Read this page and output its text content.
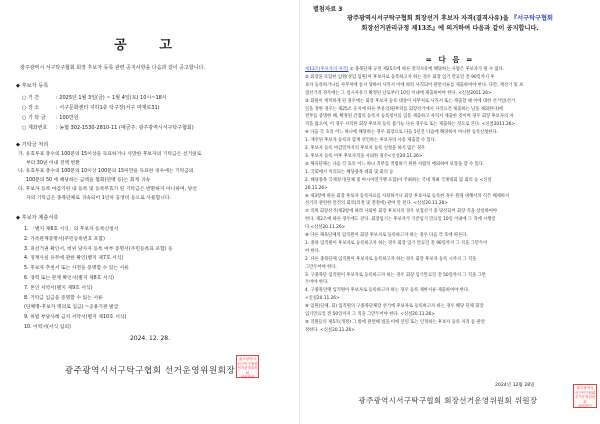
공 고
광주광역시 서구탁구협회 회장 후보자 등록 관련 공지사항을 다음과 같이 공고합니다.
◆ 후보자 등록
○ 기 간	: 2025년 1월 3일(금) ~ 1월 4일(토) 10시~18시
○ 장 소	: 서구문화센터 지하1층 탁구장(서구 마재로31)
○ 기 탁 금 : 100만원
○ 계좌번호 : 농협 302-1530-2810-11 (예금주: 광주광역시서구탁구협회)
◆ 기탁금 처리
가. 유효투표 총수의 100분의 15이상을 득표하거나 사망한 후보자의 기탁금은 선거일로
부터 30일 이내 전액 반환
나. 유효투표 총수의 100분의 10이상 100분의 15미만을 득표한 경우에는 기탁금의
100분의 50 에 해당하는 금액을 협회(연맹 등)는 회계 귀속
다. 후보자 등록 마감기한 내 등록 및 등록무효가 된 기탁금은 반환하지 아니하며, 당선
자의 기탁금은 종목단체로 귀속되어 1년차 공영비 등으로 사용합니다.
◆ 후보자 제출서류
1. 「별지 제6호 서식」의 후보자 등록신청서
2. 가족관계증명서(주민등록번호 포함)
3. 피선거권 확인서, 비위 당사자 등록 여부 증명서(주민등록표 포함) 등
4. 징계사실 유무에 관한 확인(별지 제7호 서식)
5. 후보자 추천서 또는 사전을 증명할 수 있는 서류
6. 경력 또는 관계 확인서(별지 제8호 서식)
7. 본인 서약서(별지 제9호 서식)
8. 기탁금 입금을 증명할 수 있는 서류
(단체명-후보자 명의로 입금) ~공용기관 발급
9. 위법 부당사례 금지 서약서(별지 제10호 서식)
10. 이력서(서식 임의)
2024. 12. 28.
광주광역시서구탁구협회 선거운영위원회장
광주광역시
서구탁구협회
선거운영위원회
위원장인
별첨자료 3
광주광역시서구탁구협회 회장선거 후보자 자격(결격사유)을 『서구탁구협회
회장선거관리규정 제13조』에 의거하여 다음과 같이 공지합니다.
= 다 음 =
제13조(후보자의 자격) ① 종목단체 규정 제25조에 따른 결격사유에 해당하는 사람은 후보자가 될 수 없다.
② 회장을 포함한 임원(상임 임원)이 후보자로 등록하고자 하는 경우 회장 임기 만료일 전 90일까지 후
보자 등록하거나를 사무처에 통지 당하여 사직서 이에 따라 사직되어 관련서류를 제출하여야 한다. 다만, 재선거 및 보
궐선거의 경우에는 그 실시사유가 확정된 날로부터 10일 이내에 제출하여야 한다. <신설2011.26>
③ 회원이 재적하게 된 경우에는 회장 후보자 등록 대상이 사무처로 사직서 또는 제출할 때 이에 대한 선거일(선거
일을 정한 경우는 제25조 유지에 따른 부유의)원부터를 회장선거에서 자격요건 제출하는 날을 제외한다)에
결부를 증명한 때, 확정된 간접의 등록자 등록청서를 임용 제출하고 사직서 제출한 것이며 경우 회장 후보자의 자
격을 잃으며, 이 경우 사직한 회장 후보자 등록 불가능 다른 경우로 또는 제출하는 것으로 본다. <신설2011.26>
④ 다음 각 호의 어느 하나에 해당하는 경우 회장으로 다음 5년간 다음에 해당하지 아니한 등록신청한다.
1. 재선된 후보자 등록과 함께 선언하는 후보자의 사용 제출할 수 있다.
2. 후보자 등록 마감일까지의 후보자 등록 신청을 하지 않은 경우
3. 후보자 등록 이후 후보자격을 사퇴한 경우<신설20.11.26>
⑤ 체육단체는 다음 각 호의 어느 하나 직무를 적법하기 위한 사람의 예외하여 보장을 할 수 있다.
1. 국회에서 처리되는 해당종목 대회 및 회의 등
2. 해당종목 국제경기(단체 및 아시아연가맹 포함)이 주최하는 국내 개최 국제대회 및 회의 등 <신설
20.11.26>
⑥ 제3항에 따른 회장 후보자 등록자료를 사퇴하거나 회장 후보자로 등록한 경우 원래 대해서의 직은 해제하지
선거의 관련한 안건의 회의(의결 및 결정에) 관여 안 된다. <신설20.11.26>
⑦ 직위 회장선거(제2항에 따라 사퇴한 회장 후보자의 경우 보궐선거 중 당선되어 회장 직을 상실하여야
한다. 제2조에 따른 경우에도 같다. 회장임기는 후보자가 기존임기 만료일 10일 이내에 그 직에 시행일
다.<신설20.11.26>
⑧ 다른 체육단체의 임직원이 회장 후보자로 등록하고자 하는 경우 다음 각 호에 따른다.
1. 종목 임직원이 후보자로 등록하고자 하는 경우 회장 임기 만료일 전 90일까지 그 직을 그만두어
야 한다.
2. 다른 종목단체 임직원이 후보자로 등록하고자 하는 경우 회장 후보자 등록 시까지 그 직을
그만두어야 한다.
3. 구종목단 임직원이 후보자로 등록하고자 하는 경우 회장 임기만료일 전 50일까지 그 직을 그만
두어야 한다.
4. 구종목연맹 임직원이 후보자로 등록하고자 하는 경우 등록 제한서류 제출하여야 한다.
<신설20.11.26>
⑨ 임원(단체, 회) 임직원의 구종목단체장 선거에 후보자로 등록하고자 하는 경우 해당 단체 회장
임기만료일 전 50일까지 그 직을 그만두어야 한다. <신설20.11.26>
⑩ 직원들의 제5조(개정) 그 밖에 관련해 법을 이에 안된 또는 인정하는 후보자 등록 자격 등 관련
정한다. <신설20.11.26>
2024년 12월 28일
광주광역시서구탁구협회 회장선거운영위원회 위원장
광주광역시
서구탁구협회
선거운영위원회
위원장인
